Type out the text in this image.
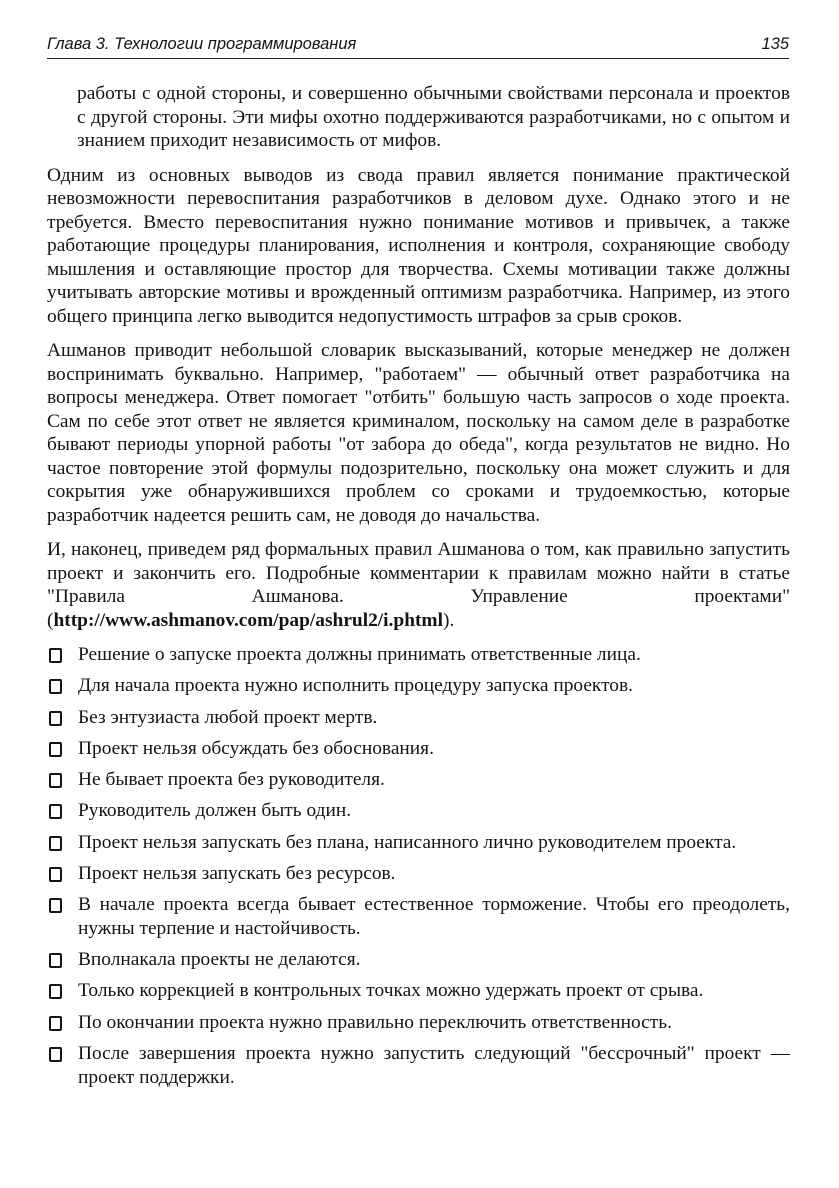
Глава 3. Технологии программирования	135

работы с одной стороны, и совершенно обычными свойствами персонала и проектов с другой стороны. Эти мифы охотно поддерживаются разработчиками, но с опытом и знанием приходит независимость от мифов.

Одним из основных выводов из свода правил является понимание практической невозможности перевоспитания разработчиков в деловом духе. Однако этого и не требуется. Вместо перевоспитания нужно понимание мотивов и привычек, а также работающие процедуры планирования, исполнения и контроля, сохраняющие свободу мышления и оставляющие простор для творчества. Схемы мотивации также должны учитывать авторские мотивы и врожденный оптимизм разработчика. Например, из этого общего принципа легко выводится недопустимость штрафов за срыв сроков.

Ашманов приводит небольшой словарик высказываний, которые менеджер не должен воспринимать буквально. Например, "работаем" — обычный ответ разработчика на вопросы менеджера. Ответ помогает "отбить" большую часть запросов о ходе проекта. Сам по себе этот ответ не является криминалом, поскольку на самом деле в разработке бывают периоды упорной работы "от забора до обеда", когда результатов не видно. Но частое повторение этой формулы подозрительно, поскольку она может служить и для сокрытия уже обнаружившихся проблем со сроками и трудоемкостью, которые разработчик надеется решить сам, не доводя до начальства.

И, наконец, приведем ряд формальных правил Ашманова о том, как правильно запустить проект и закончить его. Подробные комментарии к правилам можно найти в статье "Правила Ашманова. Управление проектами" (http://www.ashmanov.com/pap/ashrul2/i.phtml).

Решение о запуске проекта должны принимать ответственные лица.
Для начала проекта нужно исполнить процедуру запуска проектов.
Без энтузиаста любой проект мертв.
Проект нельзя обсуждать без обоснования.
Не бывает проекта без руководителя.
Руководитель должен быть один.
Проект нельзя запускать без плана, написанного лично руководителем проекта.
Проект нельзя запускать без ресурсов.
В начале проекта всегда бывает естественное торможение. Чтобы его преодолеть, нужны терпение и настойчивость.
Вполнакала проекты не делаются.
Только коррекцией в контрольных точках можно удержать проект от срыва.
По окончании проекта нужно правильно переключить ответственность.
После завершения проекта нужно запустить следующий "бессрочный" проект — проект поддержки.
